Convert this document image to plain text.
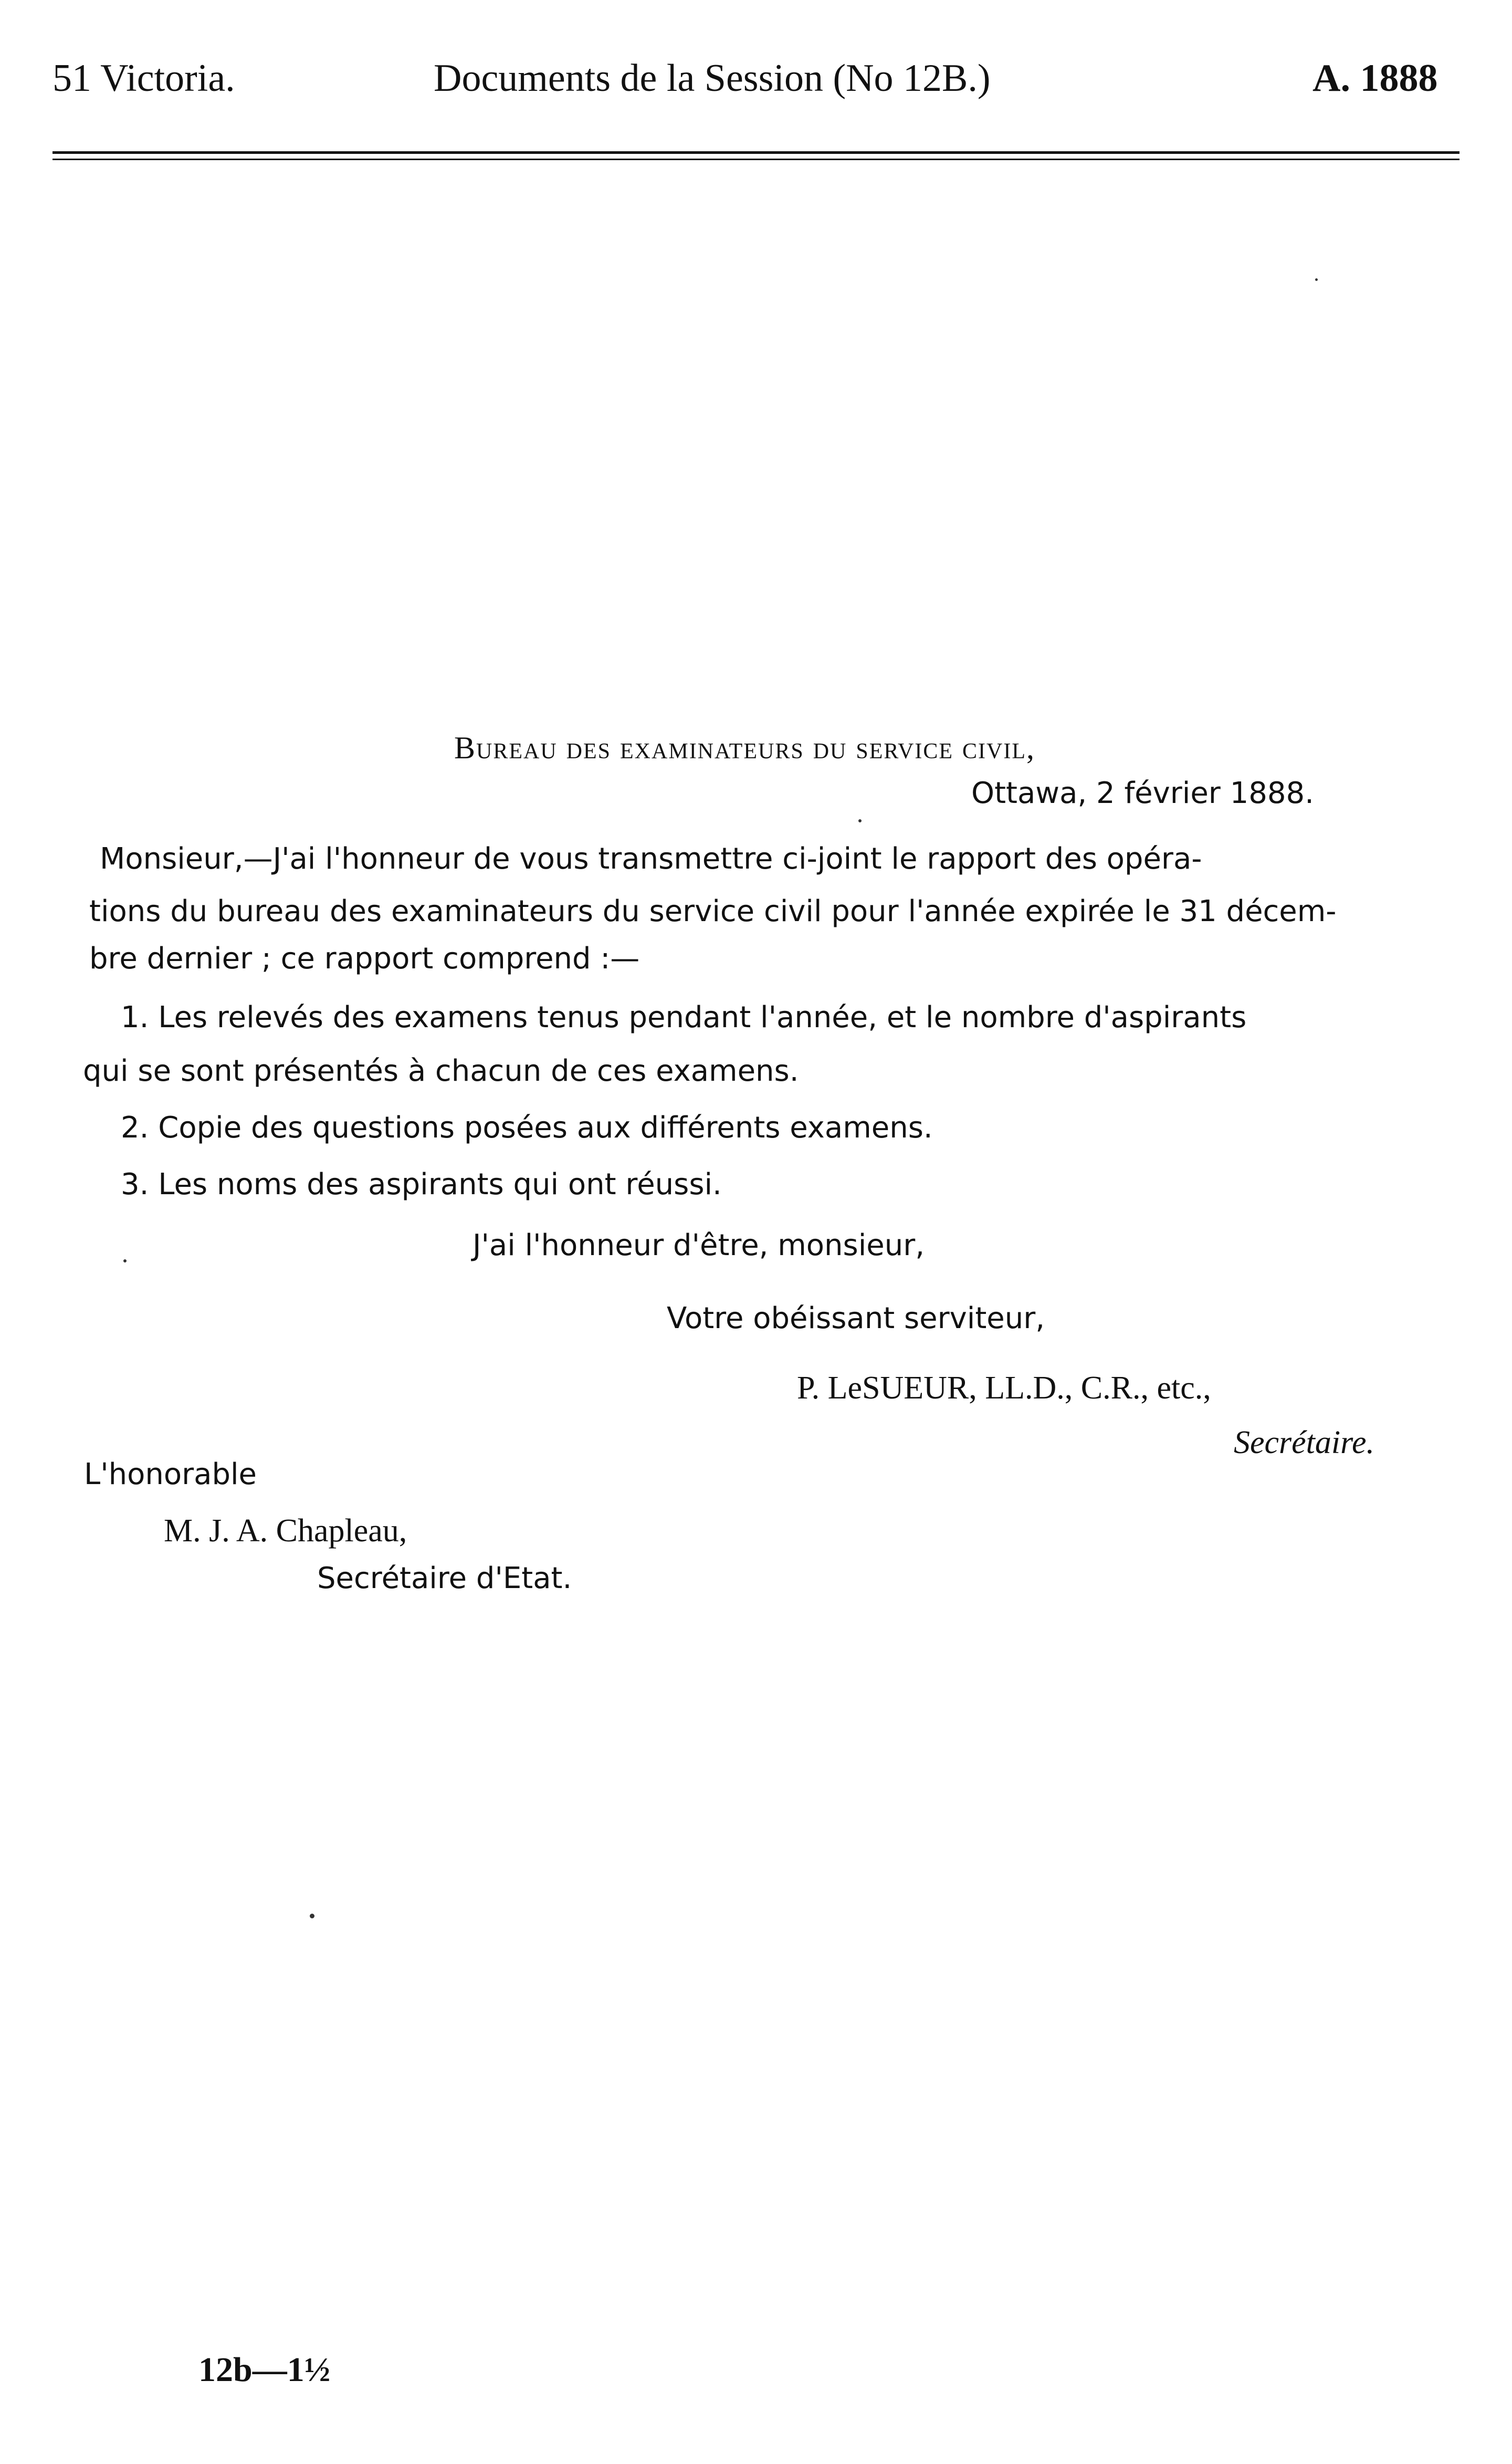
51 Victoria.	Documents de la Session (No 12B.)	A. 1888
Bureau des examinateurs du service civil,
Ottawa, 2 février 1888.
Monsieur,—J'ai l'honneur de vous transmettre ci-joint le rapport des opéra-
tions du bureau des examinateurs du service civil pour l'année expirée le 31 décem-
bre dernier ; ce rapport comprend :—
1. Les relevés des examens tenus pendant l'année, et le nombre d'aspirants
qui se sont présentés à chacun de ces examens.
2. Copie des questions posées aux différents examens.
3. Les noms des aspirants qui ont réussi.
J'ai l'honneur d'être, monsieur,
Votre obéissant serviteur,
P. LeSUEUR, LL.D., C.R., etc.,
Secrétaire.
L'honorable
M. J. A. Chapleau,
Secrétaire d'Etat.
12b—1½
